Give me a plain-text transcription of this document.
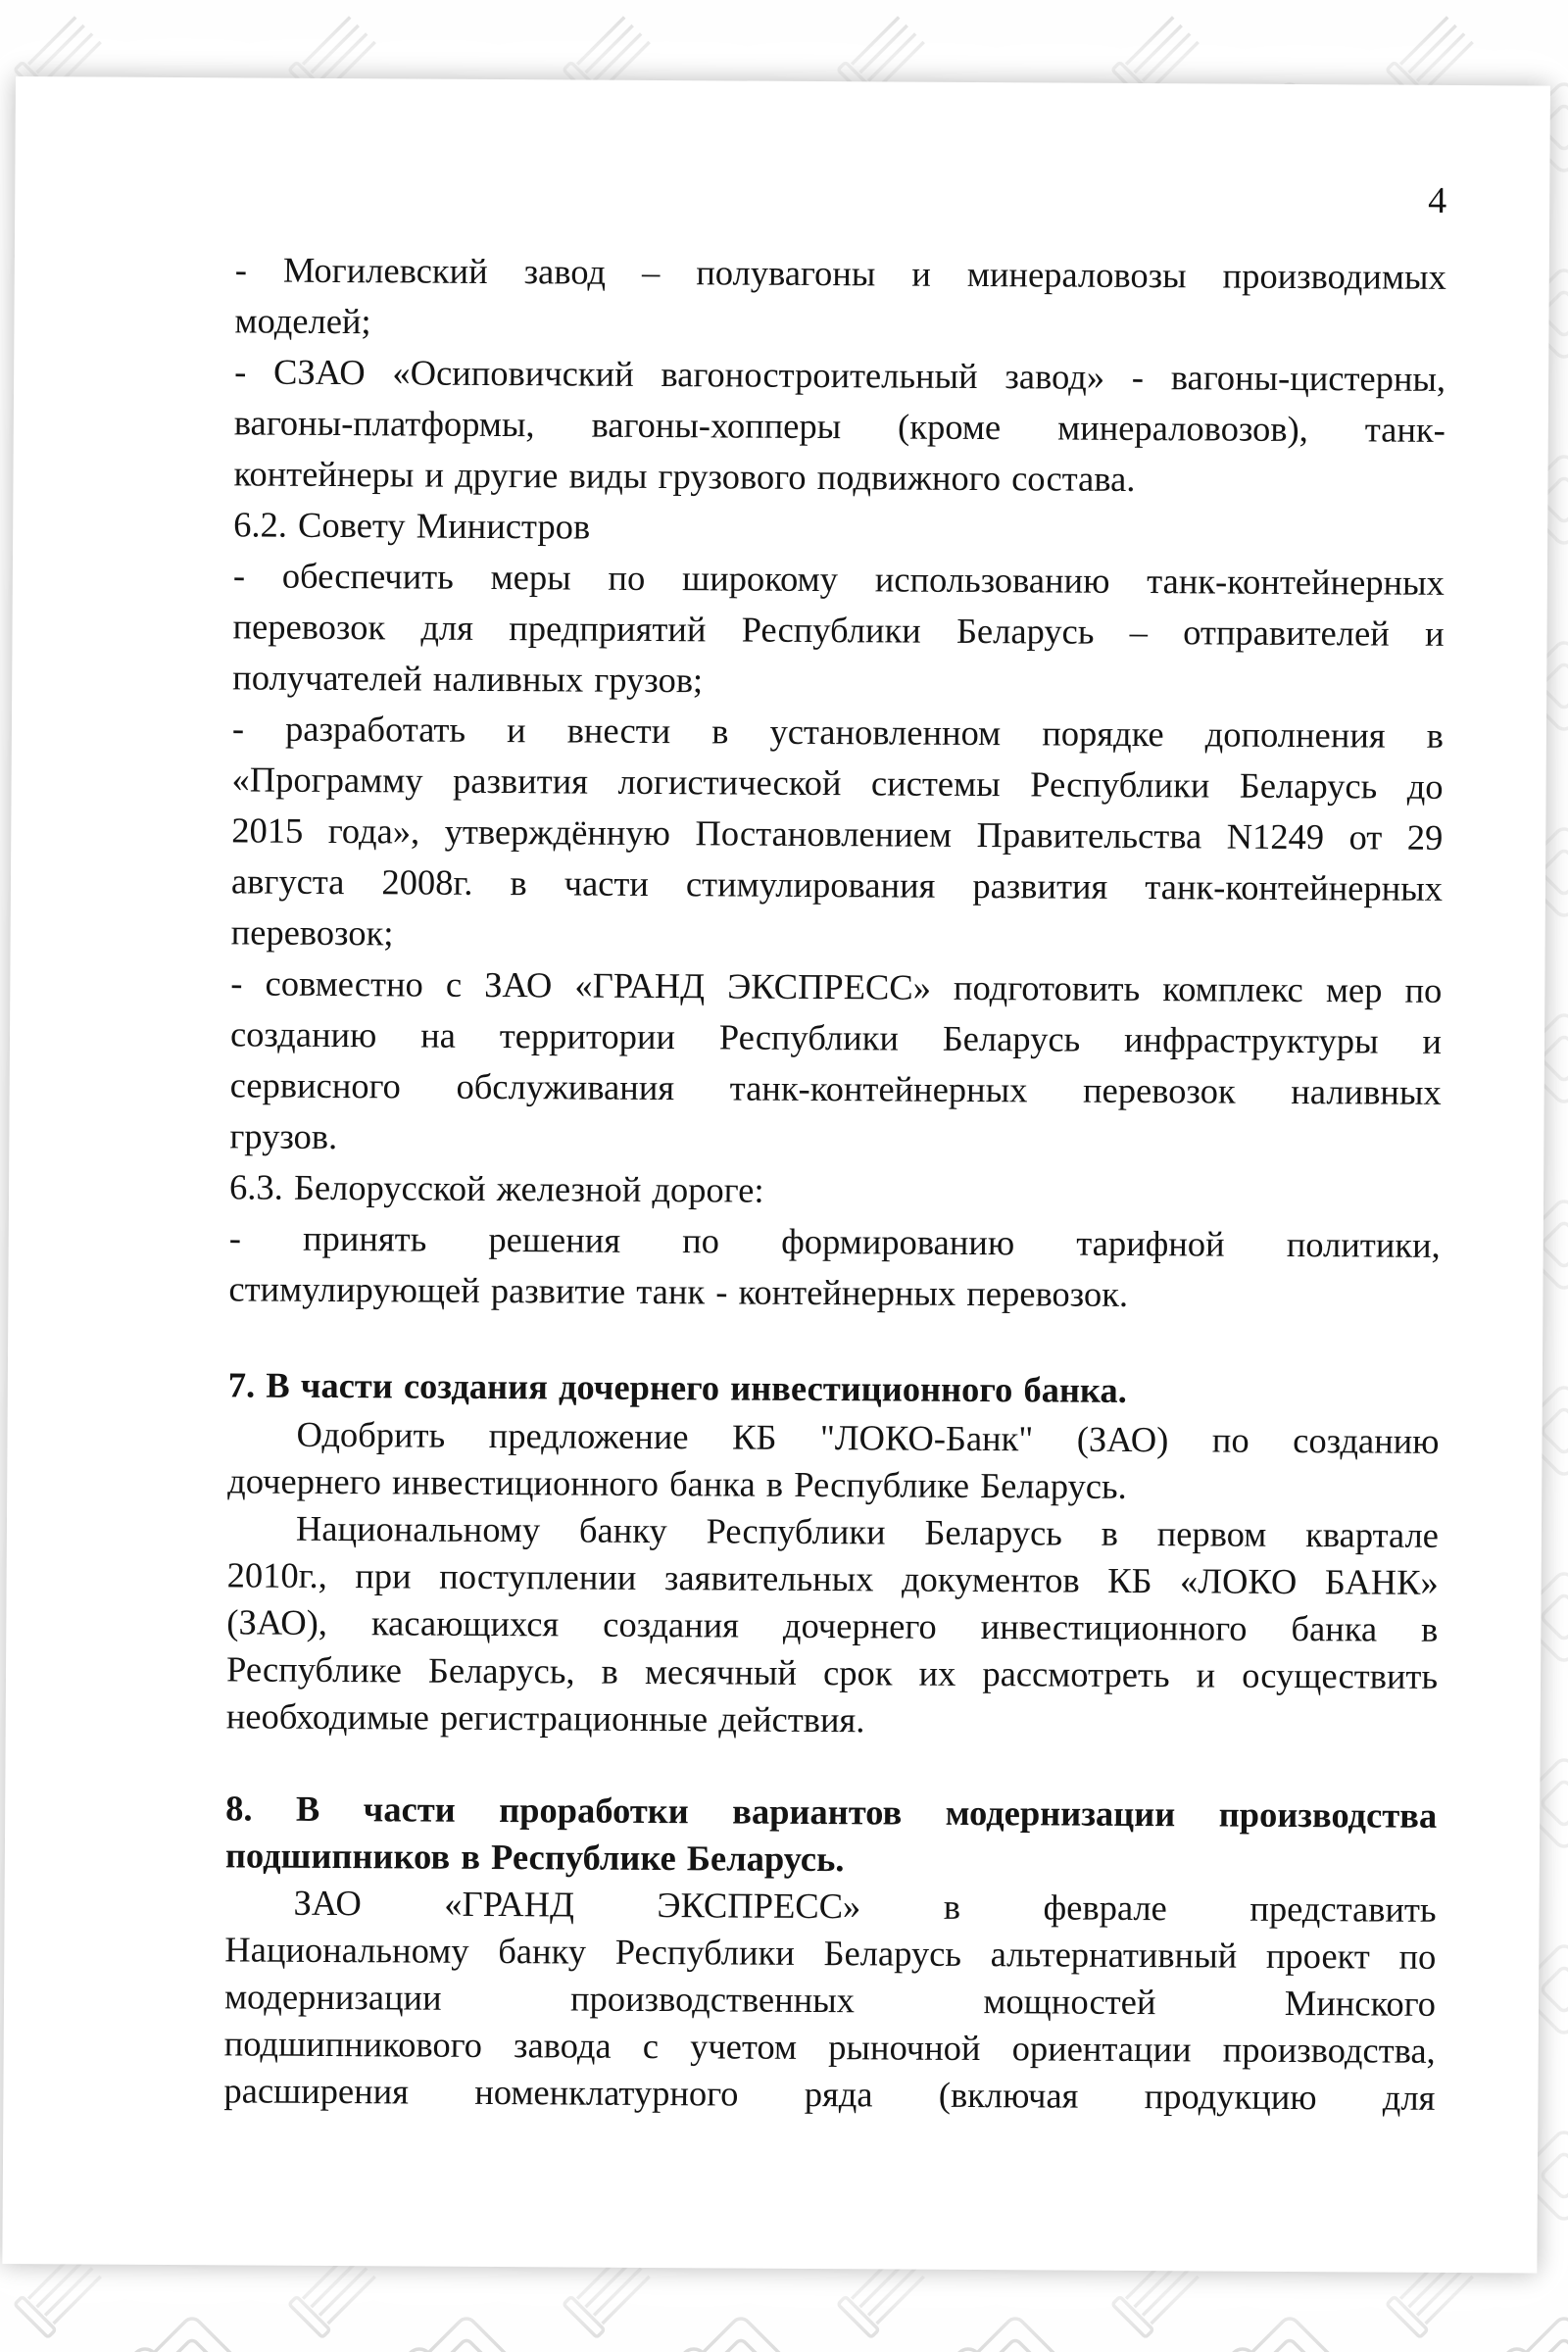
4
- Могилевский завод – полувагоны и минераловозы производимых
моделей;
- СЗАО «Осиповичский вагоностроительный завод» - вагоны-цистерны,
вагоны-платформы, вагоны-хопперы (кроме минераловозов), танк-
контейнеры и другие виды грузового подвижного состава.
6.2. Совету Министров
- обеспечить меры по широкому использованию танк-контейнерных
перевозок для предприятий Республики Беларусь – отправителей и
получателей наливных грузов;
- разработать и внести в установленном порядке дополнения в
«Программу развития логистической системы Республики Беларусь до
2015 года», утверждённую Постановлением Правительства N1249 от 29
августа 2008г. в части стимулирования развития танк-контейнерных
перевозок;
- совместно с ЗАО «ГРАНД ЭКСПРЕСС» подготовить комплекс мер по
созданию на территории Республики Беларусь инфраструктуры и
сервисного обслуживания танк-контейнерных перевозок наливных
грузов.
6.3. Белорусской железной дороге:
- принять решения по формированию тарифной политики,
стимулирующей развитие танк - контейнерных перевозок.
7. В части создания дочернего инвестиционного банка.
Одобрить предложение КБ "ЛОКО-Банк" (ЗАО) по созданию
дочернего инвестиционного банка в Республике Беларусь.
Национальному банку Республики Беларусь в первом квартале
2010г., при поступлении заявительных документов КБ «ЛОКО БАНК»
(ЗАО), касающихся создания дочернего инвестиционного банка в
Республике Беларусь, в месячный срок их рассмотреть и осуществить
необходимые регистрационные действия.
8. В части проработки вариантов модернизации производства
подшипников в Республике Беларусь.
ЗАО «ГРАНД ЭКСПРЕСС» в феврале представить
Национальному банку Республики Беларусь альтернативный проект по
модернизации производственных мощностей Минского
подшипникового завода с учетом рыночной ориентации производства,
расширения номенклатурного ряда (включая продукцию для
